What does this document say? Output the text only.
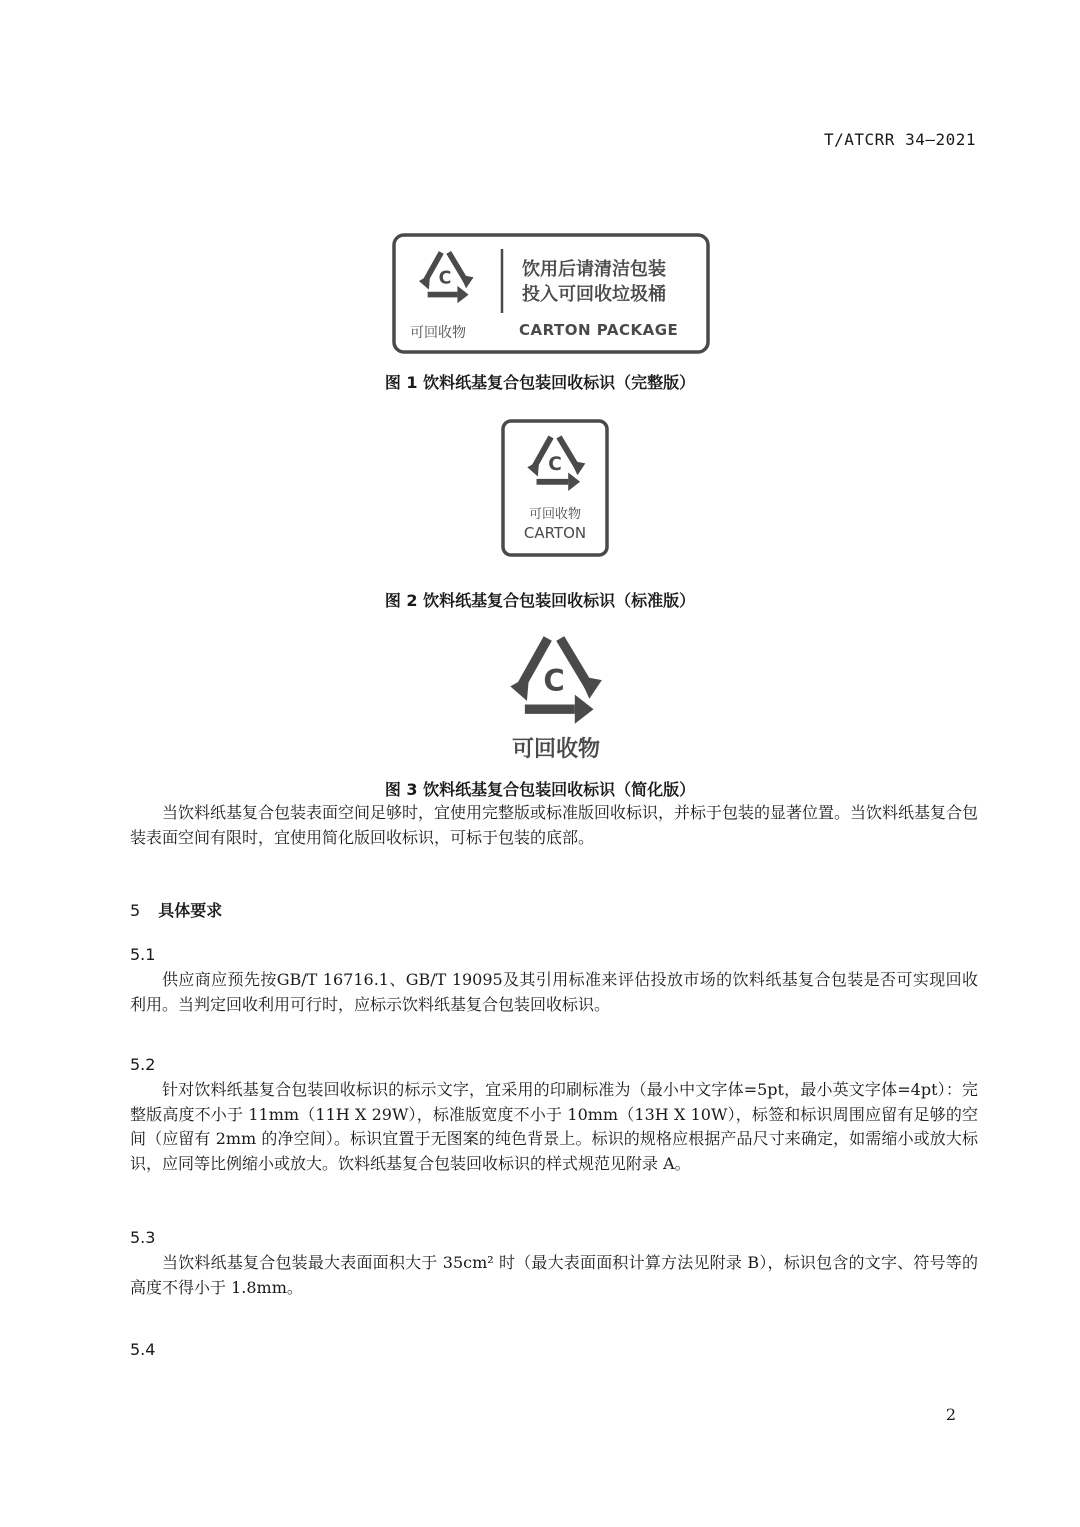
T/ATCRR 34—2021
C
可回收物
饮用后请清洁包装
投入可回收垃圾桶
CARTON PACKAGE
图 1 饮料纸基复合包装回收标识（完整版）
C
可回收物
CARTON
图 2 饮料纸基复合包装回收标识（标准版）
C
可回收物
图 3 饮料纸基复合包装回收标识（简化版）
当饮料纸基复合包装表面空间足够时，宜使用完整版或标准版回收标识，并标于包装的显著位置。当饮料纸基复合包装表面空间有限时，宜使用简化版回收标识，可标于包装的底部。
5 具体要求
5.1
供应商应预先按GB/T 16716.1、GB/T 19095及其引用标准来评估投放市场的饮料纸基复合包装是否可实现回收利用。当判定回收利用可行时，应标示饮料纸基复合包装回收标识。
5.2
针对饮料纸基复合包装回收标识的标示文字，宜采用的印刷标准为（最小中文字体=5pt，最小英文字体=4pt）：完整版高度不小于 11mm（11H X 29W），标准版宽度不小于 10mm（13H X 10W），标签和标识周围应留有足够的空间（应留有 2mm 的净空间）。标识宜置于无图案的纯色背景上。标识的规格应根据产品尺寸来确定，如需缩小或放大标识，应同等比例缩小或放大。饮料纸基复合包装回收标识的样式规范见附录 A。
5.3
当饮料纸基复合包装最大表面面积大于 35cm² 时（最大表面面积计算方法见附录 B），标识包含的文字、符号等的高度不得小于 1.8mm。
5.4
2
